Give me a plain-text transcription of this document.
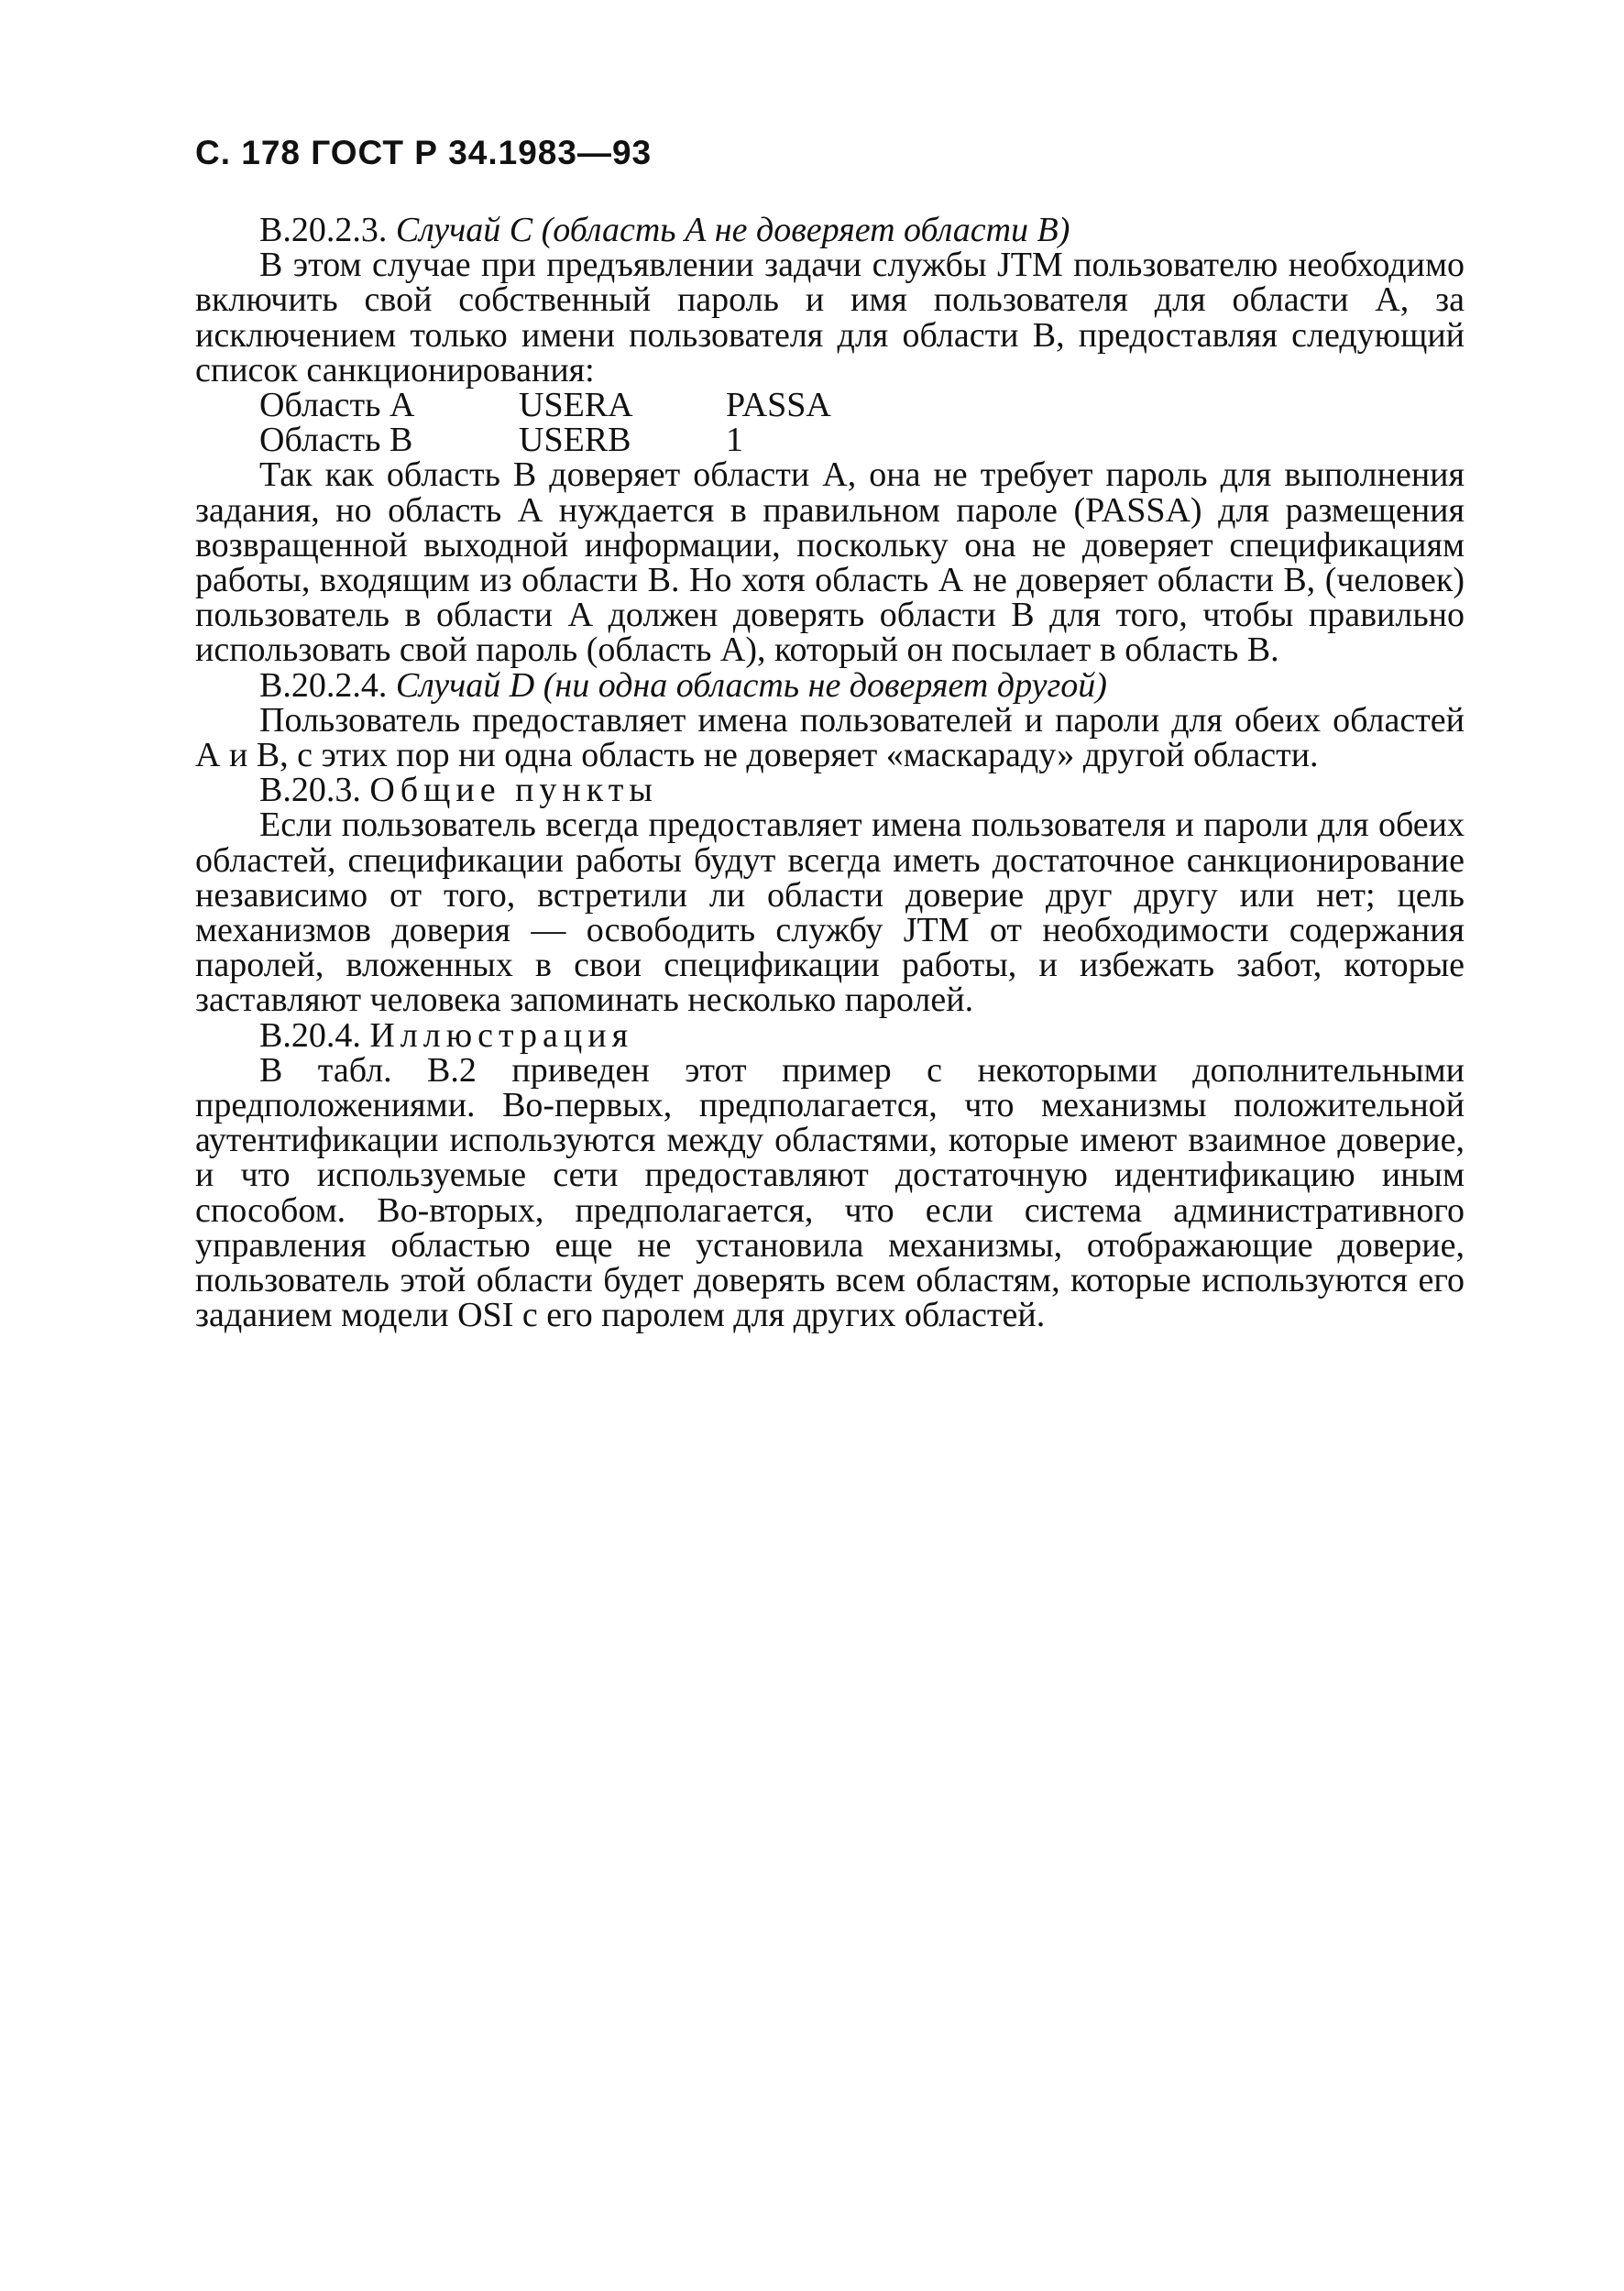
С. 178 ГОСТ Р 34.1983—93
В.20.2.3. Случай С (область А не доверяет области В)

В этом случае при предъявлении задачи службы JTM пользователю необходимо включить свой собственный пароль и имя пользователя для области А, за исключением только имени пользователя для области В, предоставляя следующий список санкционирования:

Область А	USERA	PASSA
Область В	USERB	1

Так как область В доверяет области А, она не требует пароль для выполнения задания, но область А нуждается в правильном пароле (PASSA) для размещения возвращенной выходной информации, поскольку она не доверяет спецификациям работы, входящим из области В. Но хотя область А не доверяет области В, (человек) пользователь в области А должен доверять области В для того, чтобы правильно использовать свой пароль (область А), который он посылает в область В.

В.20.2.4. Случай D (ни одна область не доверяет другой)

Пользователь предоставляет имена пользователей и пароли для обеих областей А и В, с этих пор ни одна область не доверяет «маскараду» другой области.

В.20.3. Общие пункты

Если пользователь всегда предоставляет имена пользователя и пароли для обеих областей, спецификации работы будут всегда иметь достаточное санкционирование независимо от того, встретили ли области доверие друг другу или нет; цель механизмов доверия — освободить службу JTM от необходимости содержания паролей, вложенных в свои спецификации работы, и избежать забот, которые заставляют человека запоминать несколько паролей.

В.20.4. Иллюстрация

В табл. В.2 приведен этот пример с некоторыми дополнительными предположениями. Во-первых, предполагается, что механизмы положительной аутентификации используются между областями, которые имеют взаимное доверие, и что используемые сети предоставляют достаточную идентификацию иным способом. Во-вторых, предполагается, что если система административного управления областью еще не установила механизмы, отображающие доверие, пользователь этой области будет доверять всем областям, которые используются его заданием модели OSI с его паролем для других областей.
